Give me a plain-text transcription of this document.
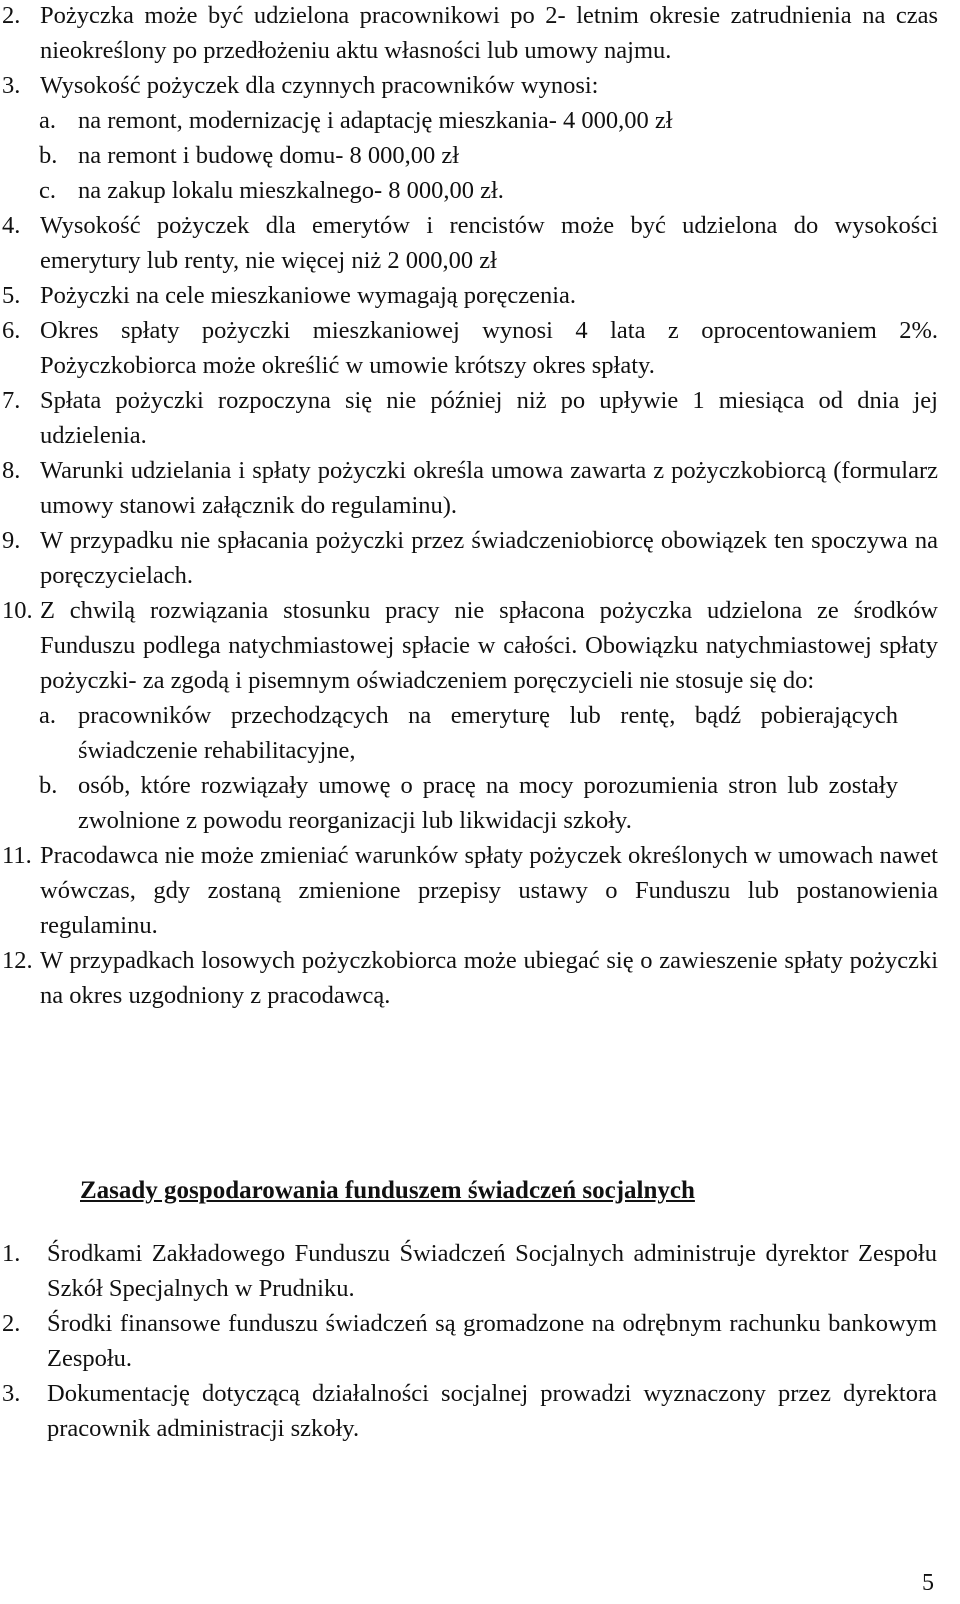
2. Pożyczka może być udzielona pracownikowi po 2- letnim okresie zatrudnienia na czas nieokreślony po przedłożeniu aktu własności lub umowy najmu.
3. Wysokość pożyczek dla czynnych pracowników wynosi:
a. na remont, modernizację i adaptację mieszkania- 4 000,00 zł
b. na remont i budowę domu- 8 000,00 zł
c. na zakup lokalu mieszkalnego- 8 000,00 zł.
4. Wysokość pożyczek dla emerytów i rencistów może być udzielona do wysokości emerytury lub renty, nie więcej niż 2 000,00 zł
5. Pożyczki na cele mieszkaniowe wymagają poręczenia.
6. Okres spłaty pożyczki mieszkaniowej wynosi 4 lata z oprocentowaniem 2%. Pożyczkobiorca może określić w umowie krótszy okres spłaty.
7. Spłata pożyczki rozpoczyna się nie później niż po upływie 1 miesiąca od dnia jej udzielenia.
8. Warunki udzielania i spłaty pożyczki określa umowa zawarta z pożyczkobiorcą (formularz umowy stanowi załącznik do regulaminu).
9. W przypadku nie spłacania pożyczki przez świadczeniobiorcę obowiązek ten spoczywa na poręczycielach.
10. Z chwilą rozwiązania stosunku pracy nie spłacona pożyczka udzielona ze środków Funduszu podlega natychmiastowej spłacie w całości. Obowiązku natychmiastowej spłaty pożyczki- za zgodą i pisemnym oświadczeniem poręczycieli nie stosuje się do:
a. pracowników przechodzących na emeryturę lub rentę, bądź pobierających świadczenie rehabilitacyjne,
b. osób, które rozwiązały umowę o pracę na mocy porozumienia stron lub zostały zwolnione z powodu reorganizacji lub likwidacji szkoły.
11. Pracodawca nie może zmieniać warunków spłaty pożyczek określonych w umowach nawet wówczas, gdy zostaną zmienione przepisy ustawy o Funduszu lub postanowienia regulaminu.
12. W przypadkach losowych pożyczkobiorca może ubiegać się o zawieszenie spłaty pożyczki na okres uzgodniony z pracodawcą.
Zasady gospodarowania funduszem świadczeń socjalnych
1.	Środkami Zakładowego Funduszu Świadczeń Socjalnych administruje dyrektor Zespołu Szkół Specjalnych w Prudniku.
2.	Środki finansowe funduszu świadczeń są gromadzone na odrębnym rachunku bankowym Zespołu.
3.	Dokumentację dotyczącą działalności socjalnej prowadzi wyznaczony przez dyrektora pracownik administracji szkoły.
5
